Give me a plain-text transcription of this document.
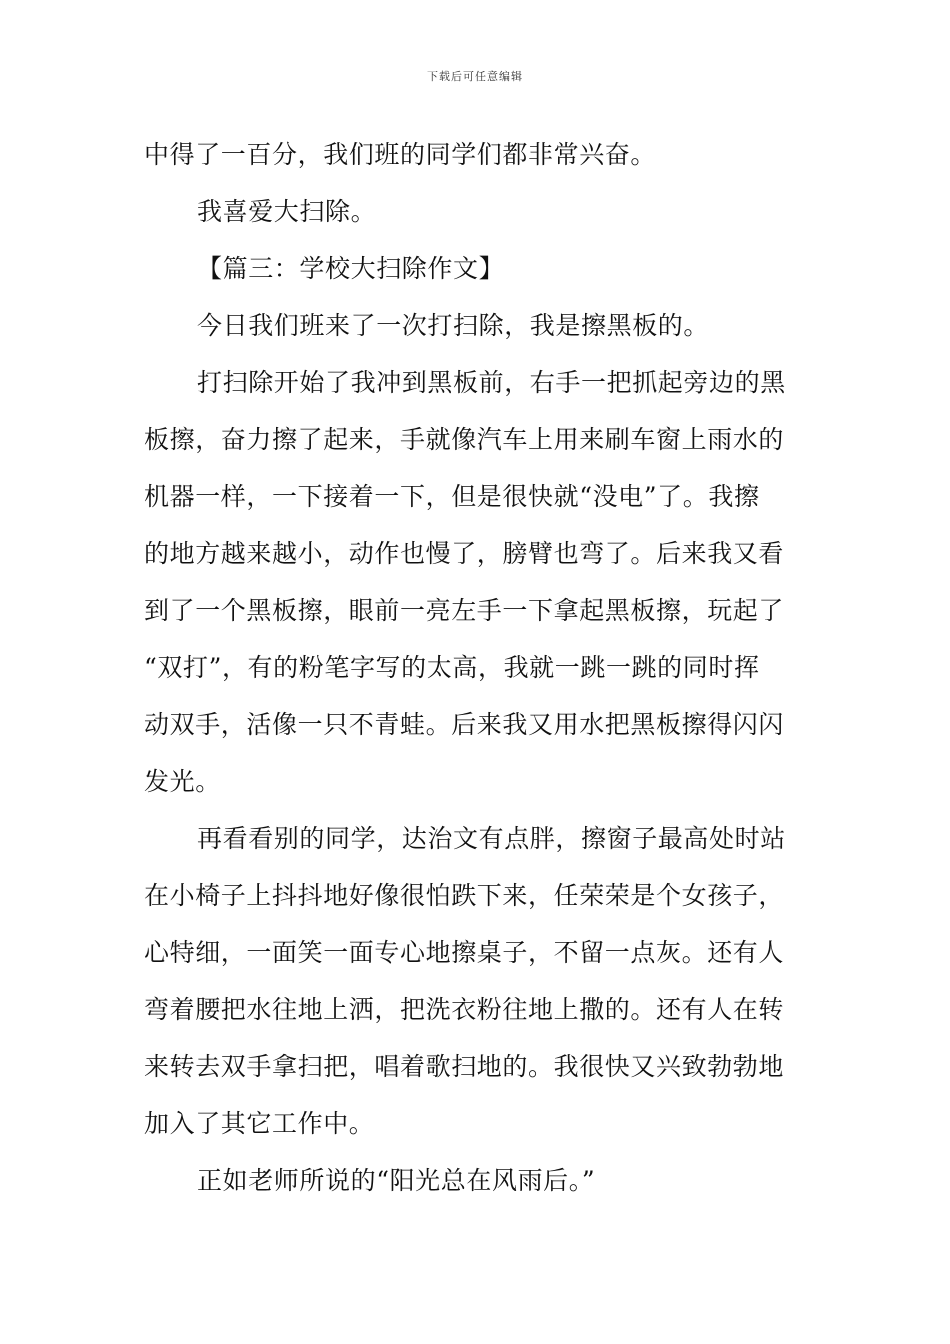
下载后可任意编辑
中得了一百分，我们班的同学们都非常兴奋。
我喜爱大扫除。
【篇三：学校大扫除作文】
今日我们班来了一次打扫除，我是擦黑板的。
打扫除开始了我冲到黑板前，右手一把抓起旁边的黑
板擦，奋力擦了起来，手就像汽车上用来刷车窗上雨水的
机器一样，一下接着一下，但是很快就“没电”了。我擦
的地方越来越小，动作也慢了，膀臂也弯了。后来我又看
到了一个黑板擦，眼前一亮左手一下拿起黑板擦，玩起了
“双打”，有的粉笔字写的太高，我就一跳一跳的同时挥
动双手，活像一只不青蛙。后来我又用水把黑板擦得闪闪
发光。
再看看别的同学，达治文有点胖，擦窗子最高处时站
在小椅子上抖抖地好像很怕跌下来，任荣荣是个女孩子，
心特细，一面笑一面专心地擦桌子，不留一点灰。还有人
弯着腰把水往地上洒，把洗衣粉往地上撒的。还有人在转
来转去双手拿扫把，唱着歌扫地的。我很快又兴致勃勃地
加入了其它工作中。
正如老师所说的“阳光总在风雨后。”
